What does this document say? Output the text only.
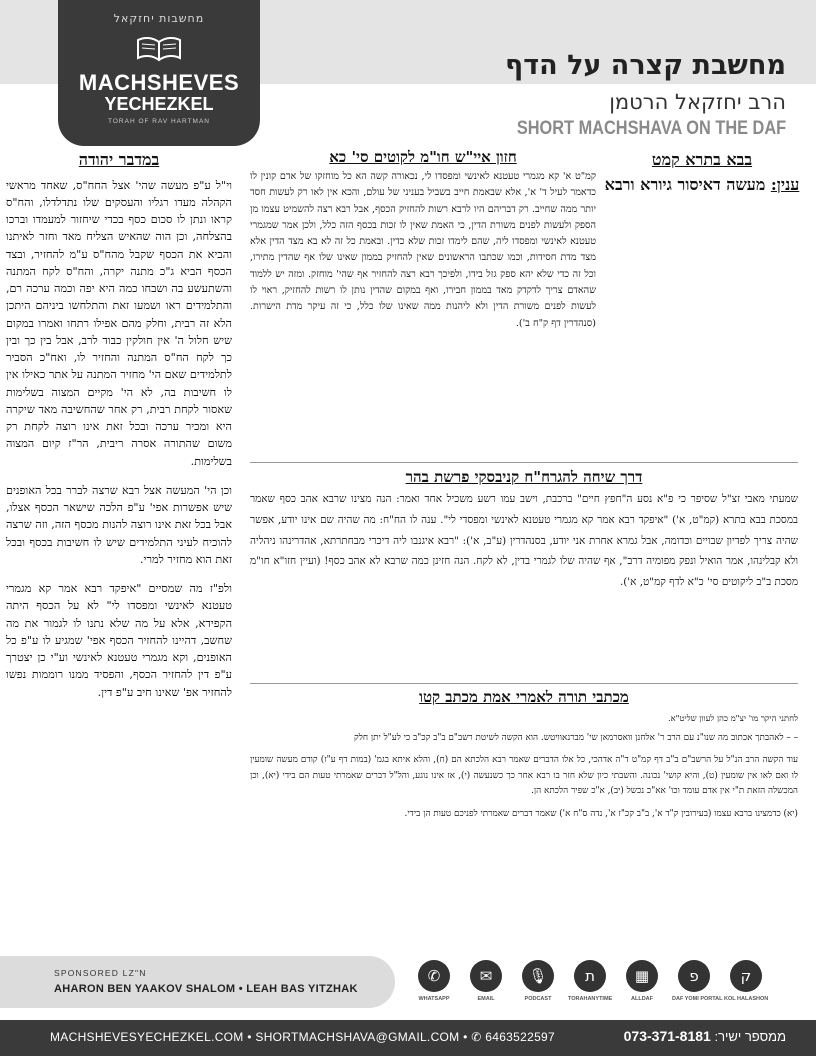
מחשבות יחזקאל
MACHSHEVES
YECHEZKEL
TORAH OF RAV HARTMAN
מחשבת קצרה על הדף
הרב יחזקאל הרטמן
SHORT MACHSHAVA ON THE DAF
בבא בתרא קמט
ענין: מעשה דאיסור גיורא ורבא
במדבר יהודה

וי"ל ע"פ מעשה שהי' אצל החח"ס, שאחד מראשי הקהלה מעדו רגליו והעסקים שלו נתדלדלו, והח"ס קראו ונתן לו סכום כסף בכדי שיחזור למעמדו וברכו בהצלחה, וכן הוה שהאיש הצליח מאד וחזר לאיתנו והביא את הכסף שקבל מהח"ס ע"מ להחזיר, ובצד הכסף הביא ג"כ מתנה יקרה, והח"ס לקח המתנה והשתעשע בה ושבחו כמה היא יפה וכמה ערכה רם, והתלמידים ראו ושמעו זאת והתלחשו ביניהם היתכן הלא זה רבית, וחלק מהם אפילו רתחו ואמרו במקום שיש חלול ה' אין חולקין כבוד לרב, אבל בין כך ובין כך לקח הח"ס המתנה והחזיר לו, ואח"כ הסביר לתלמידים שאם הי' מחזיר המתנה על אתר כאילו אין לו חשיבות בה, לא הי' מקיים המצוה בשלימות שאסור לקחת רבית, רק אחר שהחשיבה מאד שיקרה היא ומכיר ערכה ובכל זאת אינו רוצה לקחת רק משום שהתורה אסרה ריבית, הר"ז קיום המצוה בשלימות.

וכן הי' המעשה אצל רבא שרצה לברר בכל האופנים שיש אפשרות אפי' ע"פ הלכה שישאר הכסף אצלו, אבל בכל זאת אינו רוצה להנות מכסף הזה, וזה שרצה להוכיח לעיני התלמידים שיש לו חשיבות בכסף ובכל זאת הוא מחזיר למרי.

ולפ"ז מה שמסיים "איפקד רבא אמר קא מגמרי טעטנא לאינשי ומפסדו לי" לא על הכסף היתה הקפידא, אלא על מה שלא נתנו לו לגמור את מה שחשב, דהיינו להחזיר הכסף אפי' שמגיע לו ע"פ כל האופנים, וקא מגמרי טעטנא לאינשי וע"י כן יצטרך ע"פ דין להחזיר הכסף, והפסיד ממנו רוממות נפשו להחזיר אפ' שאינו חיב ע"פ דין.

חזון איי"ש חו"מ לקוטים סי' כא
קמ"ט א' קא מגמרי טעטנא לאינשי ומפסדו לי, נכאורה קשה הא כל מוחזקו של אדם קונין לו כדאמר לעיל ד' א', אלא שבאמת חייב בשביל בעניני של עולם, והכא אין לאו רק לעשות חסד יותר ממה שחייב. רק דבריהם היו לרבא רשות להחזיק הכסף, אבל רבא רצה להשמיט עצמו מן הספק ולעשות לפנים משורת הדין, כי האמת שאין לו זכות בכסף הזה כלל, ולכן אמר שמגמרי טעטנא לאינשי ומפסדו ליה, שהם לימדו זכות שלא כדין. ובאמת כל זה לא בא מצד הדין אלא מצד מדת חסידות, וכמו שכתבו הראשונים שאין להחזיק בממון שאינו שלו אף שהדין מתירו, וכל זה כדי שלא יהא ספק גזל בידו, ולפיכך רבא רצה להחזיר אף שהי' מוחזק. ומזה יש ללמוד שהאדם צריך לדקדק מאד בממון חבירו, ואף במקום שהדין נותן לו רשות להחזיק, ראוי לו לעשות לפנים משורת הדין ולא ליהנות ממה שאינו שלו כלל, כי זה עיקר מדת הישרות. (סנהדרין דף ק"ח ב').
דרך שיחה להגרח"ח קניבסקי פרשת בהר
שמעתי מאבי זצ"ל שסיפר כי פ"א נסע ה"חפץ חיים" ברכבת, וישב עמו רשע משכיל אחד ואמר: הנה מצינו שרבא אהב כסף שאמר במסכת בבא בתרא (קמ"ט, א') "איפקד רבא אמר קא מגמרי טעטנא לאינשי ומפסדי לי". ענה לו הח"ח: מה שהיה שם אינו יודע, אפשר שהיה צריך לפדיון שבויים וכדומה, אבל גמרא אחרת אני יודע, בסנהדרין (ע"ב, א'): "רבא איגנבו ליה דיכרי מבחתרתא, אהדרינהו ניהליה ולא קבלינהו, אמר הואיל ונפק מפומיה דרב", אף שהיה שלו לגמרי בדין, לא לקח. הנה חזינן כמה שרבא לא אהב כסף! (ועיין חזו"א חו"מ מסכת ב"ב ליקוטים סי' כ"א לדף קמ"ט, א').
מכתבי תורה לאמרי אמת מכתב קטו
לחתני היקר מו' יצ"מ כהן לעוון שליט"א.
– – לאהבתך אכתוב מה שנו"נ עם הרב ר' אלחנן וואסרמאן שי' מברנאוויטש. הוא הקשה לשיטת רשב"ם ב"ב קכ"ב כי לע"ל יתן חלק
עוד הקשה הרב הנ"ל על הרשב"ם ב"ב דף קמ"ט ד"ה אדהכי, כל אלו הדברים שאמר רבא הלכתא הם (ח), והלא איתא בגמ' (במות דף ע"ז) קודם מעשה שומעין לו ואם לאו אין שומעין (ט), והיא קושי' נכונה. והשבתי כיון שלא חזר בו רבא אחר כך כשנעשה (י), אז אינו נוגע, והל"ל דברים שאמרתי טעות הם בידי (יא), וכן המכשלה הזאת ת"י אין אדם עומד וכו' אא"כ נכשל (יב), א"כ שפיר הלכתא הן.
(יא) כדמצינו ברבא עצמו (בעירובין ק"ד א', ב"ב קכ"ז א', נדה ס"ח א') שאמר דברים שאמרתי לפניכם טעות הן בידי.
SPONSORED LZ"N
AHARON BEN YAAKOV SHALOM • LEAH BAS YITZHAK
✆
WHATSAPP
✉
EMAIL
🎙
PODCAST
ת
TORAHANYTIME
▦
ALLDAF
פ
DAF YOMI PORTAL
ק
KOL HALASHON
MACHSHEVESYECHEZKEL.COM • SHORTMACHSHAVA@GMAIL.COM • ✆ 6463522597	ממספר ישיר: 073-371-8181
